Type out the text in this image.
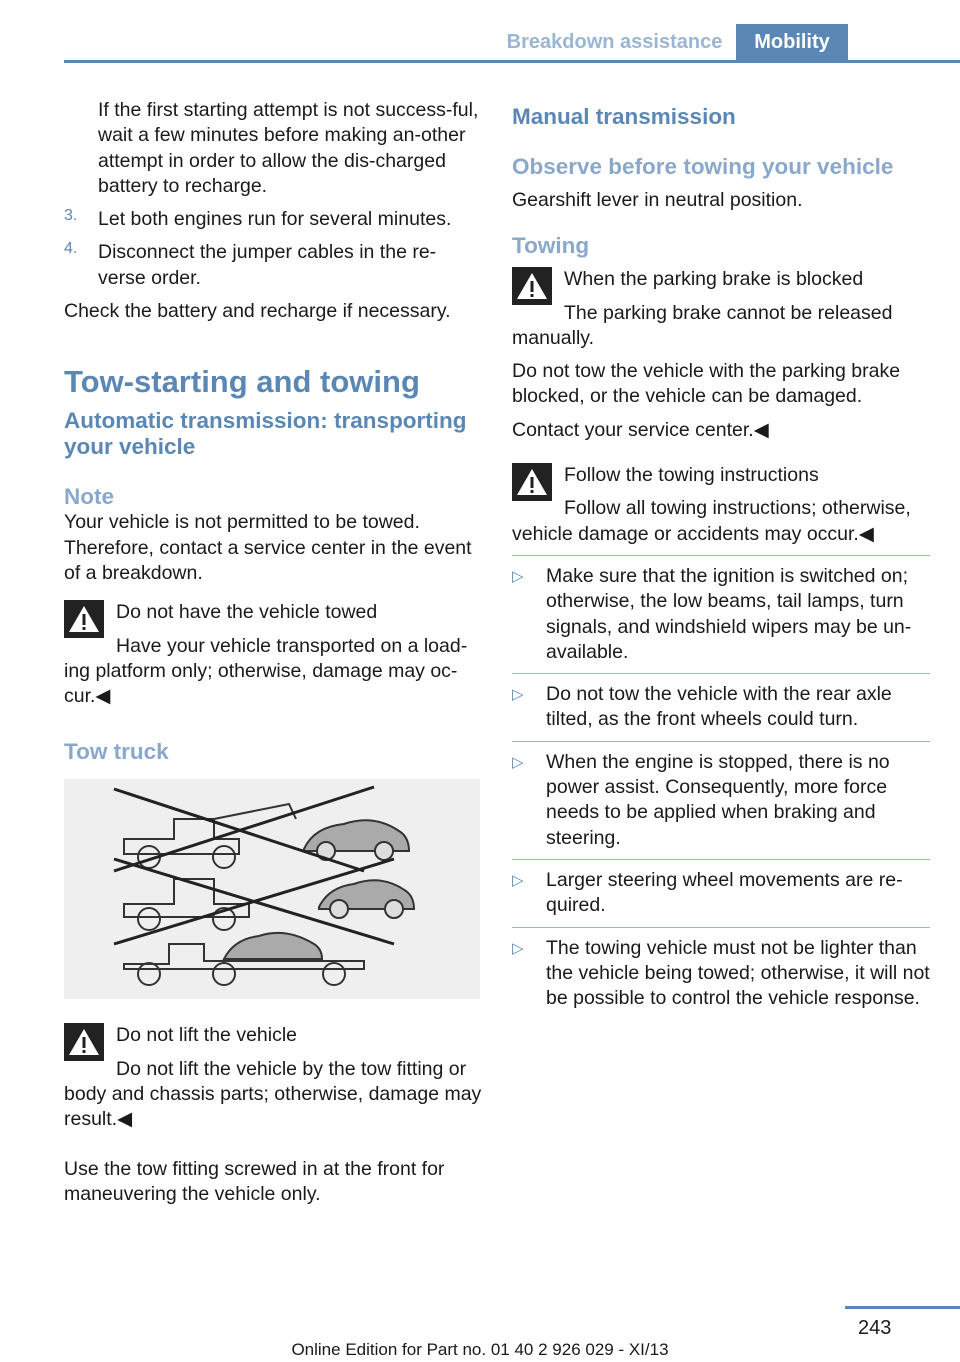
Breakdown assistance	Mobility

If the first starting attempt is not success-ful, wait a few minutes before making an-other attempt in order to allow the dis-charged battery to recharge.

3.	Let both engines run for several minutes.

4.	Disconnect the jumper cables in the re-verse order.

Check the battery and recharge if necessary.

Tow-starting and towing

Automatic transmission: transporting your vehicle

Note

Your vehicle is not permitted to be towed. Therefore, contact a service center in the event of a breakdown.

Do not have the vehicle towed

Have your vehicle transported on a load-ing platform only; otherwise, damage may oc-cur.◀

Tow truck

Do not lift the vehicle

Do not lift the vehicle by the tow fitting or body and chassis parts; otherwise, damage may result.◀

Use the tow fitting screwed in at the front for maneuvering the vehicle only.

Manual transmission

Observe before towing your vehicle

Gearshift lever in neutral position.

Towing

When the parking brake is blocked

The parking brake cannot be released manually.

Do not tow the vehicle with the parking brake blocked, or the vehicle can be damaged.

Contact your service center.◀

Follow the towing instructions

Follow all towing instructions; otherwise, vehicle damage or accidents may occur.◀

▷	Make sure that the ignition is switched on; otherwise, the low beams, tail lamps, turn signals, and windshield wipers may be un-available.

▷	Do not tow the vehicle with the rear axle tilted, as the front wheels could turn.

▷	When the engine is stopped, there is no power assist. Consequently, more force needs to be applied when braking and steering.

▷	Larger steering wheel movements are re-quired.

▷	The towing vehicle must not be lighter than the vehicle being towed; otherwise, it will not be possible to control the vehicle response.

243
Online Edition for Part no. 01 40 2 926 029 - XI/13
